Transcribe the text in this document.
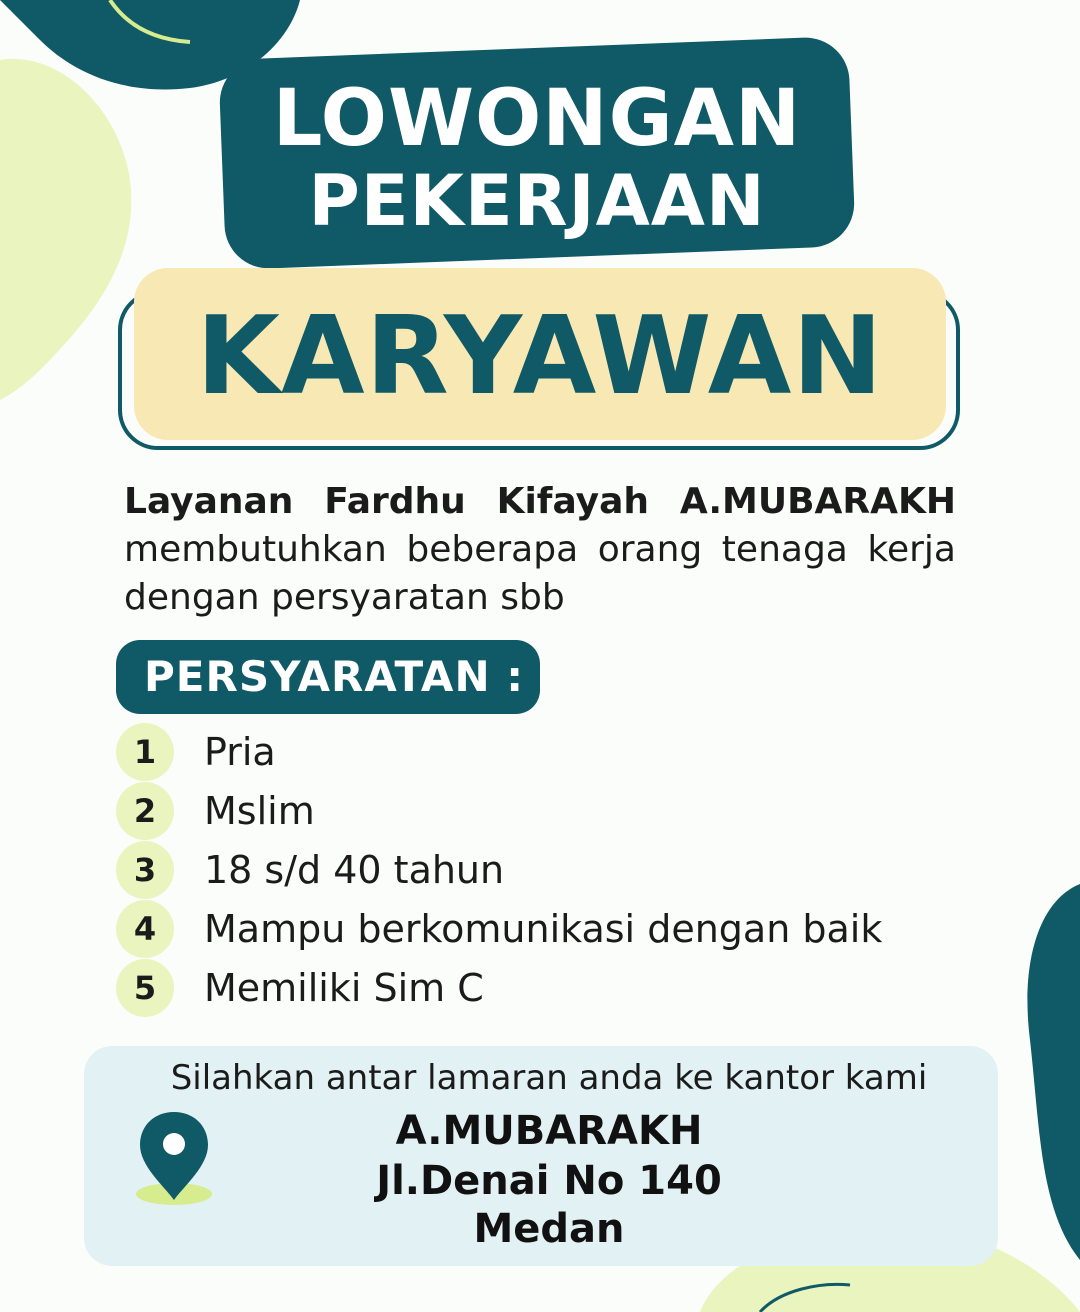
LOWONGAN
PEKERJAAN
KARYAWAN
Layanan Fardhu Kifayah A.MUBARAKH membutuhkan beberapa orang tenaga kerja dengan persyaratan sbb
PERSYARATAN :
1	Pria
2	Mslim
3	18 s/d 40 tahun
4	Mampu berkomunikasi dengan baik
5	Memiliki Sim C
Silahkan antar lamaran anda ke kantor kami
A.MUBARAKH
Jl.Denai No 140
Medan
